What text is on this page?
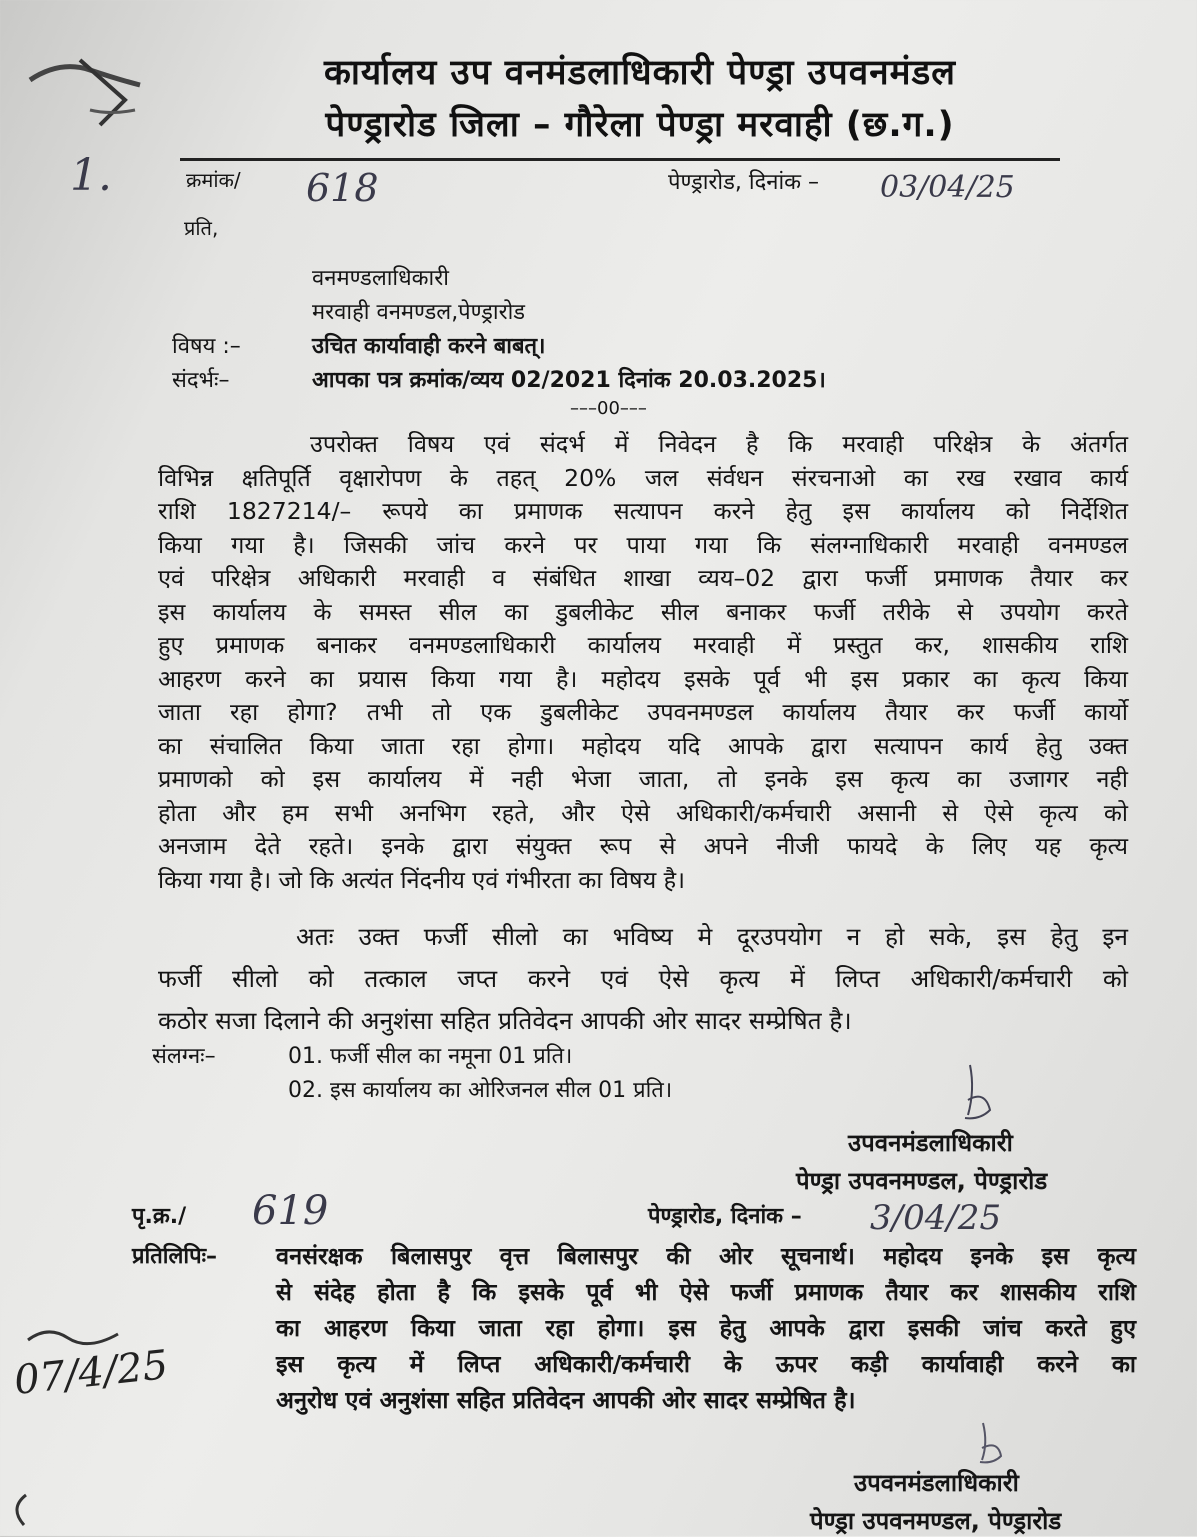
1.
कार्यालय उप वनमंडलाधिकारी पेण्ड्रा उपवनमंडल
पेण्ड्रारोड जिला – गौरेला पेण्ड्रा मरवाही (छ.ग.)
क्रमांक/ 618	पेण्ड्रारोड, दिनांक – 03/04/25
प्रति,
वनमण्डलाधिकारी
मरवाही वनमण्डल,पेण्ड्रारोड
विषय :–	उचित कार्यावाही करने बाबत्।
संदर्भः–	आपका पत्र क्रमांक/व्यय 02/2021 दिनांक 20.03.2025।
–––00–––
उपरोक्त विषय एवं संदर्भ में निवेदन है कि मरवाही परिक्षेत्र के अंतर्गत
विभिन्न क्षतिपूर्ति वृक्षारोपण के तहत् 20% जल संर्वधन संरचनाओ का रख रखाव कार्य
राशि 1827214/– रूपये का प्रमाणक सत्यापन करने हेतु इस कार्यालय को निर्देशित
किया गया है। जिसकी जांच करने पर पाया गया कि संलग्नाधिकारी मरवाही वनमण्डल
एवं परिक्षेत्र अधिकारी मरवाही व संबंधित शाखा व्यय–02 द्वारा फर्जी प्रमाणक तैयार कर
इस कार्यालय के समस्त सील का डुबलीकेट सील बनाकर फर्जी तरीके से उपयोग करते
हुए प्रमाणक बनाकर वनमण्डलाधिकारी कार्यालय मरवाही में प्रस्तुत कर, शासकीय राशि
आहरण करने का प्रयास किया गया है। महोदय इसके पूर्व भी इस प्रकार का कृत्य किया
जाता रहा होगा? तभी तो एक डुबलीकेट उपवनमण्डल कार्यालय तैयार कर फर्जी कार्यो
का संचालित किया जाता रहा होगा। महोदय यदि आपके द्वारा सत्यापन कार्य हेतु उक्त
प्रमाणको को इस कार्यालय में नही भेजा जाता, तो इनके इस कृत्य का उजागर नही
होता और हम सभी अनभिग रहते, और ऐसे अधिकारी/कर्मचारी असानी से ऐसे कृत्य को
अनजाम देते रहते। इनके द्वारा संयुक्त रूप से अपने नीजी फायदे के लिए यह कृत्य
किया गया है। जो कि अत्यंत निंदनीय एवं गंभीरता का विषय है।
अतः उक्त फर्जी सीलो का भविष्य मे दूरउपयोग न हो सके, इस हेतु इन
फर्जी सीलो को तत्काल जप्त करने एवं ऐसे कृत्य में लिप्त अधिकारी/कर्मचारी को
कठोर सजा दिलाने की अनुशंसा सहित प्रतिवेदन आपकी ओर सादर सम्प्रेषित है।
संलग्नः–	01. फर्जी सील का नमूना 01 प्रति।
02. इस कार्यालय का ओरिजनल सील 01 प्रति।
उपवनमंडलाधिकारी
पेण्ड्रा उपवनमण्डल, पेण्ड्रारोड
पृ.क्र./ 619	पेण्ड्रारोड, दिनांक – 3/04/25
प्रतिलिपिः–	वनसंरक्षक बिलासपुर वृत्त बिलासपुर की ओर सूचनार्थ। महोदय इनके इस कृत्य
से संदेह होता है कि इसके पूर्व भी ऐसे फर्जी प्रमाणक तैयार कर शासकीय राशि
का आहरण किया जाता रहा होगा। इस हेतु आपके द्वारा इसकी जांच करते हुए
इस कृत्य में लिप्त अधिकारी/कर्मचारी के ऊपर कड़ी कार्यावाही करने का
अनुरोध एवं अनुशंसा सहित प्रतिवेदन आपकी ओर सादर सम्प्रेषित है।
07/4/25
उपवनमंडलाधिकारी
पेण्ड्रा उपवनमण्डल, पेण्ड्रारोड
